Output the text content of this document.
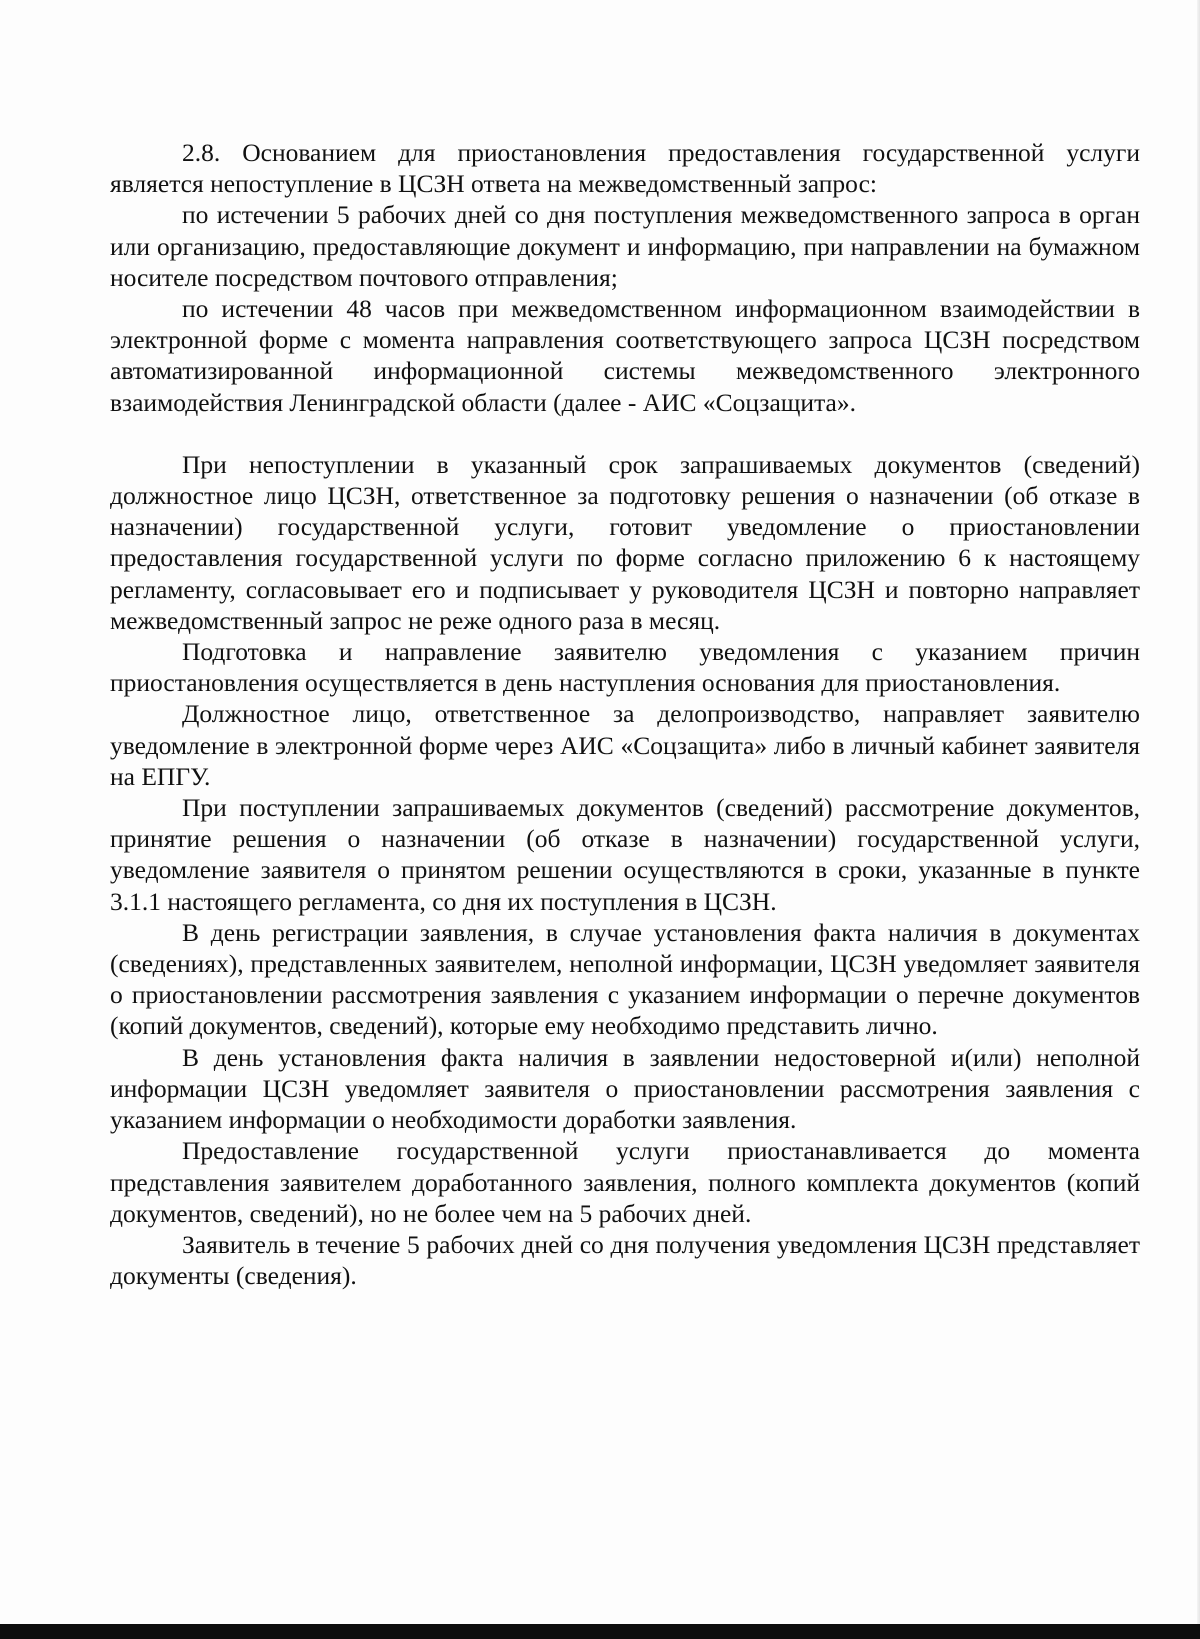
2.8. Основанием для приостановления предоставления государственной услуги является непоступление в ЦСЗН ответа на межведомственный запрос:

по истечении 5 рабочих дней со дня поступления межведомственного запроса в орган или организацию, предоставляющие документ и информацию, при направлении на бумажном носителе посредством почтового отправления;

по истечении 48 часов при межведомственном информационном взаимодействии в электронной форме с момента направления соответствующего запроса ЦСЗН посредством автоматизированной информационной системы межведомственного электронного взаимодействия Ленинградской области (далее - АИС «Соцзащита».

При непоступлении в указанный срок запрашиваемых документов (сведений) должностное лицо ЦСЗН, ответственное за подготовку решения о назначении (об отказе в назначении) государственной услуги, готовит уведомление о приостановлении предоставления государственной услуги по форме согласно приложению 6 к настоящему регламенту, согласовывает его и подписывает у руководителя ЦСЗН и повторно направляет межведомственный запрос не реже одного раза в месяц.

Подготовка и направление заявителю уведомления с указанием причин приостановления осуществляется в день наступления основания для приостановления.

Должностное лицо, ответственное за делопроизводство, направляет заявителю уведомление в электронной форме через АИС «Соцзащита» либо в личный кабинет заявителя на ЕПГУ.

При поступлении запрашиваемых документов (сведений) рассмотрение документов, принятие решения о назначении (об отказе в назначении) государственной услуги, уведомление заявителя о принятом решении осуществляются в сроки, указанные в пункте 3.1.1 настоящего регламента, со дня их поступления в ЦСЗН.

В день регистрации заявления, в случае установления факта наличия в документах (сведениях), представленных заявителем, неполной информации, ЦСЗН уведомляет заявителя о приостановлении рассмотрения заявления с указанием информации о перечне документов (копий документов, сведений), которые ему необходимо представить лично.

В день установления факта наличия в заявлении недостоверной и(или) неполной информации ЦСЗН уведомляет заявителя о приостановлении рассмотрения заявления с указанием информации о необходимости доработки заявления.

Предоставление государственной услуги приостанавливается до момента представления заявителем доработанного заявления, полного комплекта документов (копий документов, сведений), но не более чем на 5 рабочих дней.

Заявитель в течение 5 рабочих дней со дня получения уведомления ЦСЗН представляет документы (сведения).
